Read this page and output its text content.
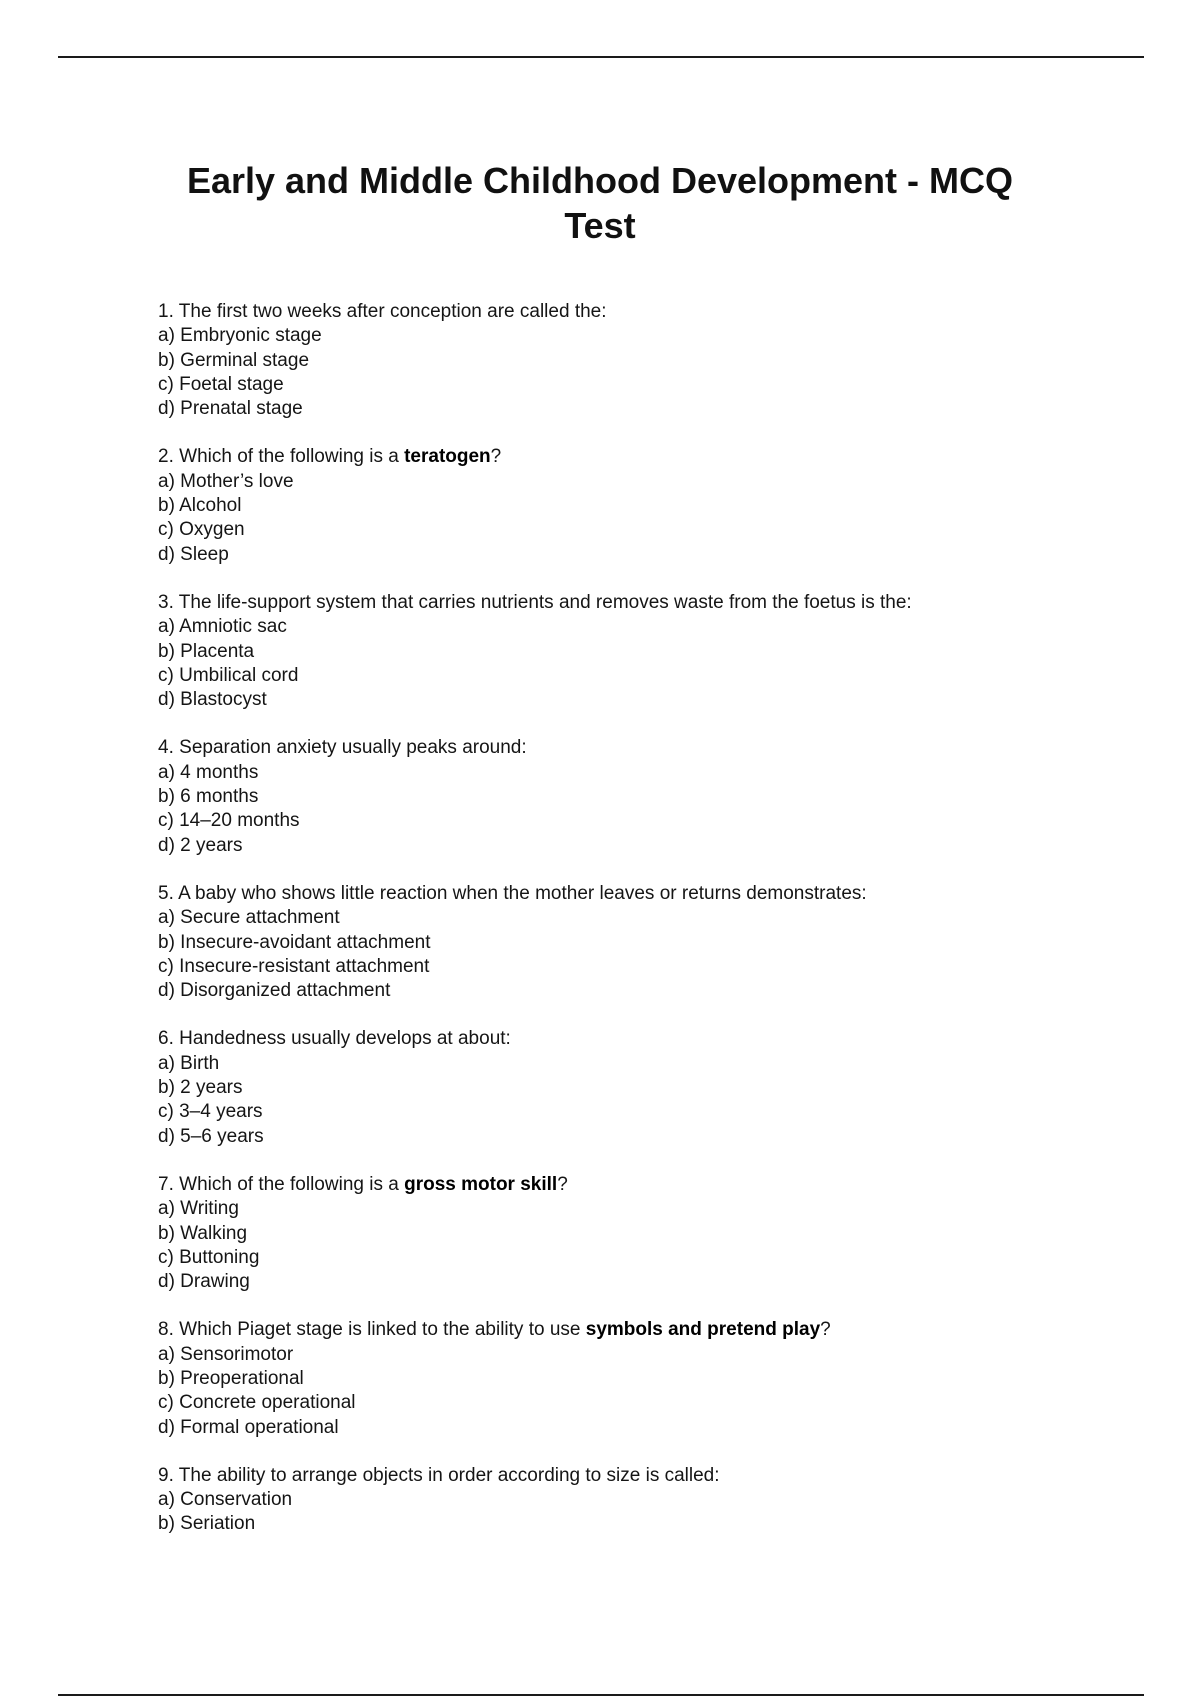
Early and Middle Childhood Development - MCQ Test
1. The first two weeks after conception are called the:
a) Embryonic stage
b) Germinal stage
c) Foetal stage
d) Prenatal stage
2. Which of the following is a teratogen?
a) Mother’s love
b) Alcohol
c) Oxygen
d) Sleep
3. The life-support system that carries nutrients and removes waste from the foetus is the:
a) Amniotic sac
b) Placenta
c) Umbilical cord
d) Blastocyst
4. Separation anxiety usually peaks around:
a) 4 months
b) 6 months
c) 14–20 months
d) 2 years
5. A baby who shows little reaction when the mother leaves or returns demonstrates:
a) Secure attachment
b) Insecure-avoidant attachment
c) Insecure-resistant attachment
d) Disorganized attachment
6. Handedness usually develops at about:
a) Birth
b) 2 years
c) 3–4 years
d) 5–6 years
7. Which of the following is a gross motor skill?
a) Writing
b) Walking
c) Buttoning
d) Drawing
8. Which Piaget stage is linked to the ability to use symbols and pretend play?
a) Sensorimotor
b) Preoperational
c) Concrete operational
d) Formal operational
9. The ability to arrange objects in order according to size is called:
a) Conservation
b) Seriation
